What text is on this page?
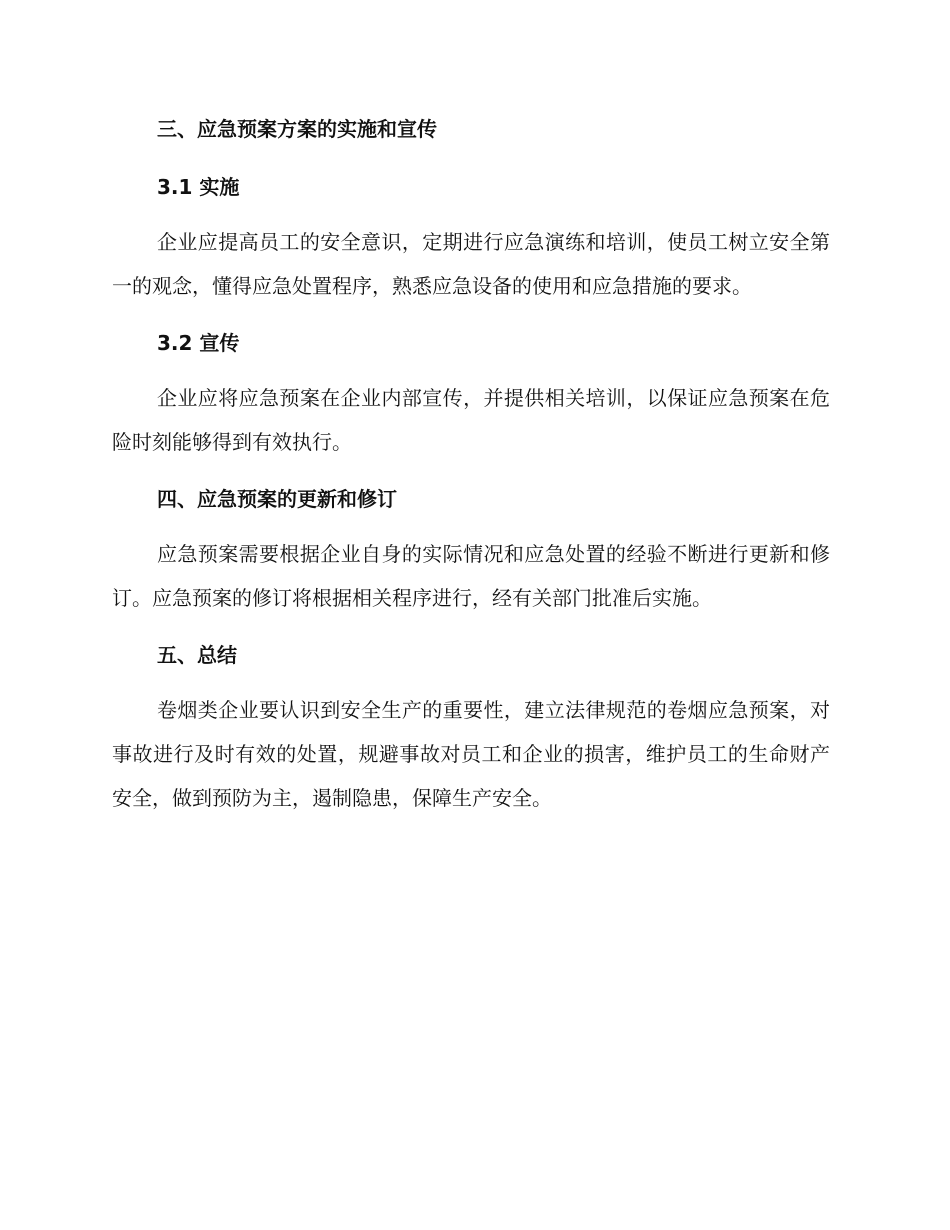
三、应急预案方案的实施和宣传
3.1 实施

企业应提高员工的安全意识，定期进行应急演练和培训，使员工树立安全第一的观念，懂得应急处置程序，熟悉应急设备的使用和应急措施的要求。

3.2 宣传

企业应将应急预案在企业内部宣传，并提供相关培训，以保证应急预案在危险时刻能够得到有效执行。

四、应急预案的更新和修订

应急预案需要根据企业自身的实际情况和应急处置的经验不断进行更新和修订。应急预案的修订将根据相关程序进行，经有关部门批准后实施。

五、总结

卷烟类企业要认识到安全生产的重要性，建立法律规范的卷烟应急预案，对事故进行及时有效的处置，规避事故对员工和企业的损害，维护员工的生命财产安全，做到预防为主，遏制隐患，保障生产安全。
